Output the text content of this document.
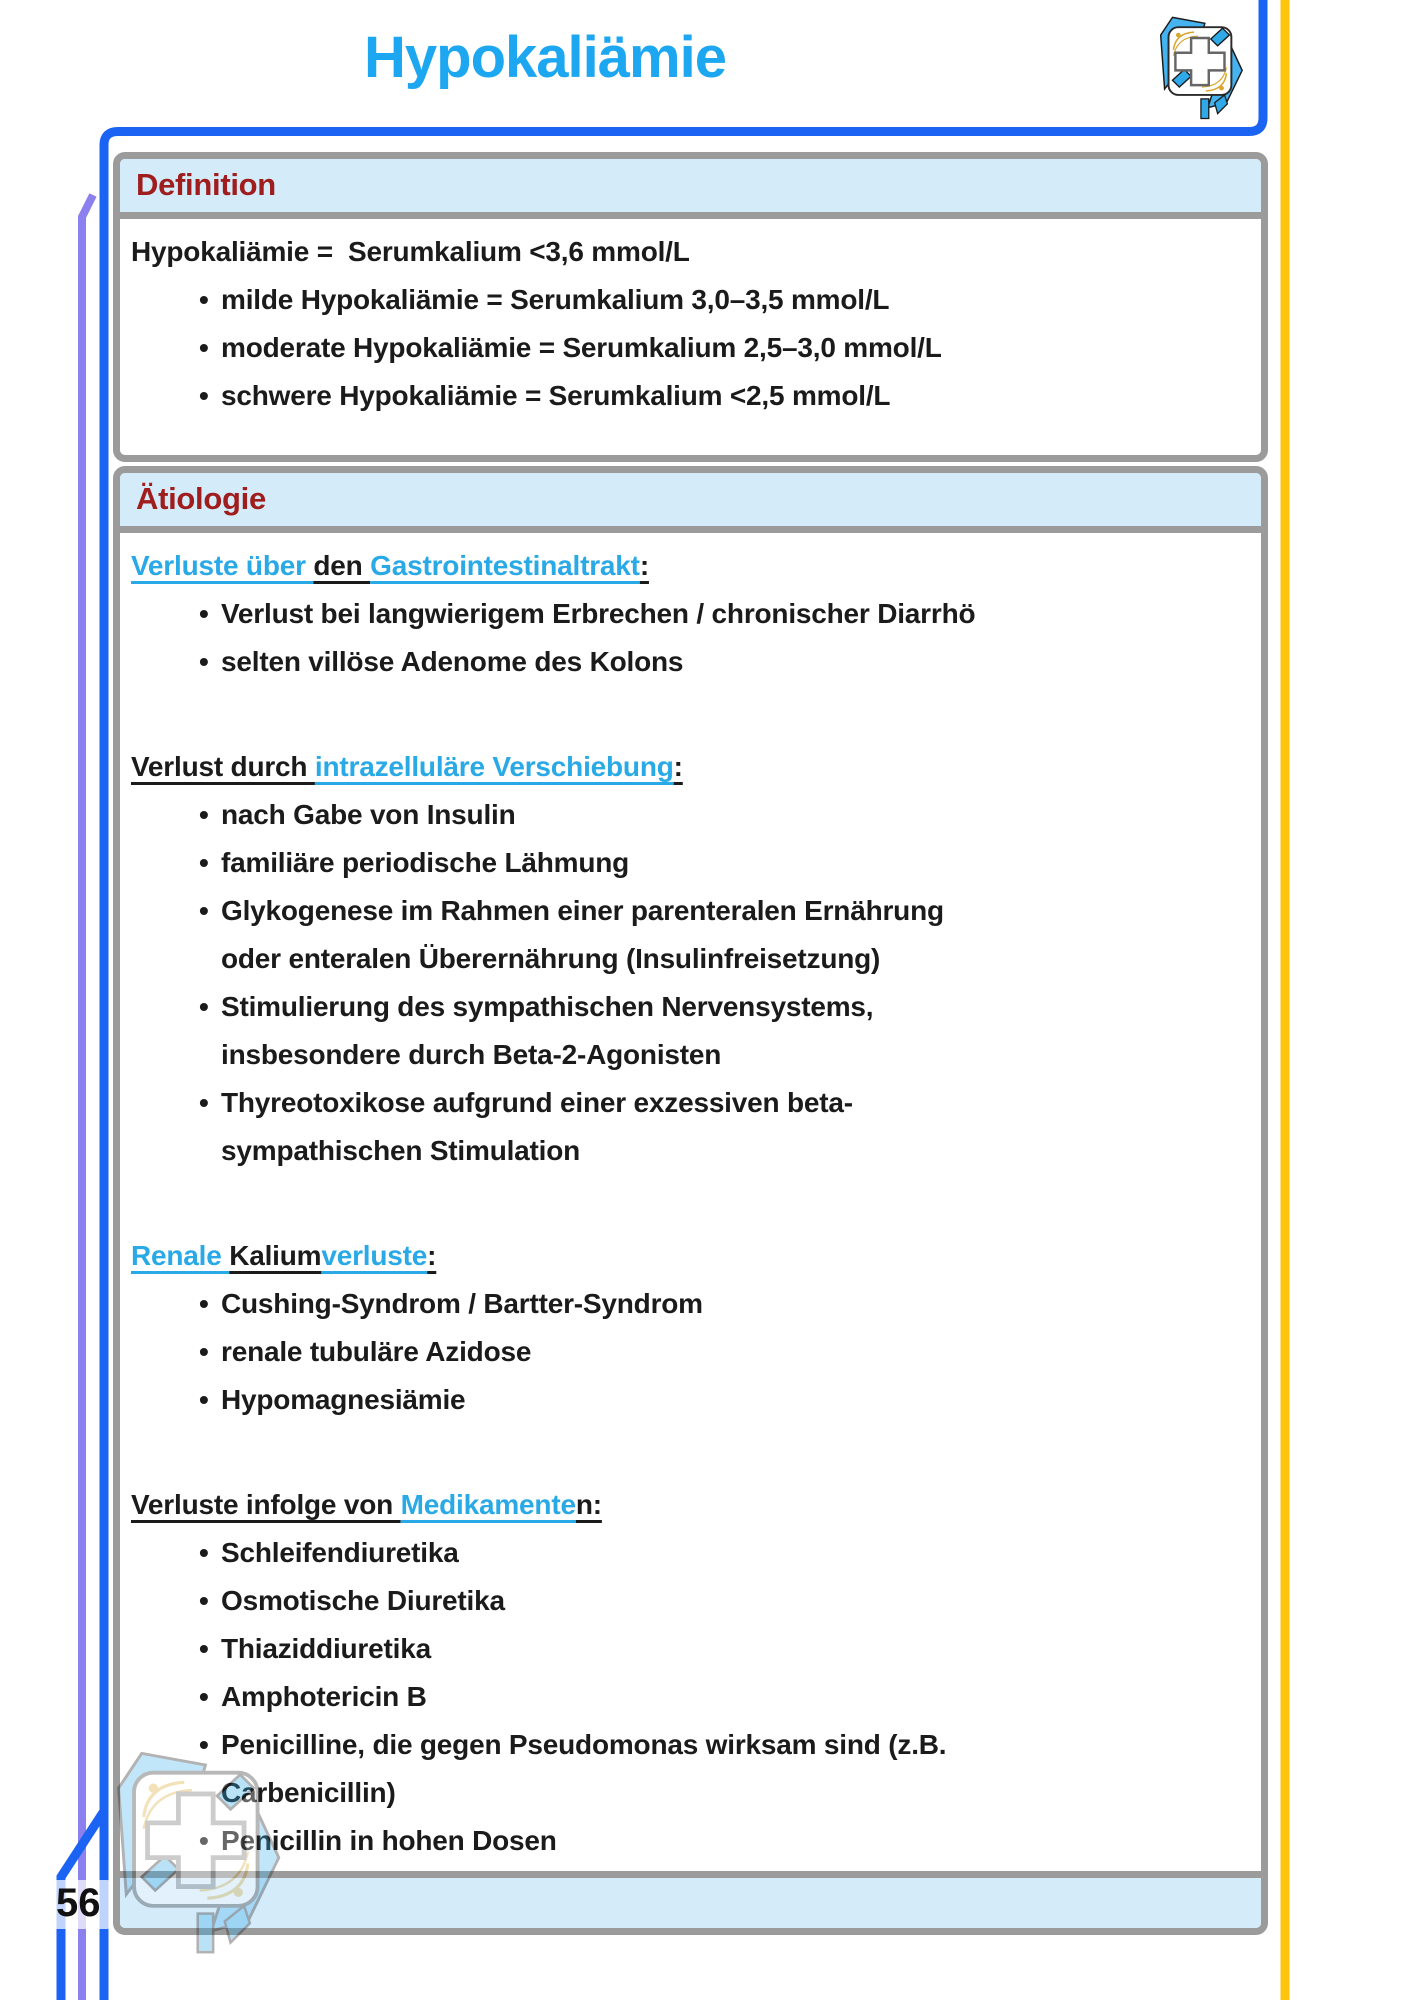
Hypokaliämie
Definition
Hypokaliämie =  Serumkalium <3,6 mmol/L
• milde Hypokaliämie = Serumkalium 3,0–3,5 mmol/L
• moderate Hypokaliämie = Serumkalium 2,5–3,0 mmol/L
• schwere Hypokaliämie = Serumkalium <2,5 mmol/L
Ätiologie
Verluste über den Gastrointestinaltrakt:
• Verlust bei langwierigem Erbrechen / chronischer Diarrhö
• selten villöse Adenome des Kolons
Verlust durch intrazelluläre Verschiebung:
• nach Gabe von Insulin
• familiäre periodische Lähmung
• Glykogenese im Rahmen einer parenteralen Ernährung
oder enteralen Überernährung (Insulinfreisetzung)
• Stimulierung des sympathischen Nervensystems,
insbesondere durch Beta-2-Agonisten
• Thyreotoxikose aufgrund einer exzessiven beta-
sympathischen Stimulation
Renale Kaliumverluste:
• Cushing-Syndrom / Bartter-Syndrom
• renale tubuläre Azidose
• Hypomagnesiämie
Verluste infolge von Medikamenten:
• Schleifendiuretika
• Osmotische Diuretika
• Thiaziddiuretika
• Amphotericin B
• Penicilline, die gegen Pseudomonas wirksam sind (z.B.
Carbenicillin)
• Penicillin in hohen Dosen
56
